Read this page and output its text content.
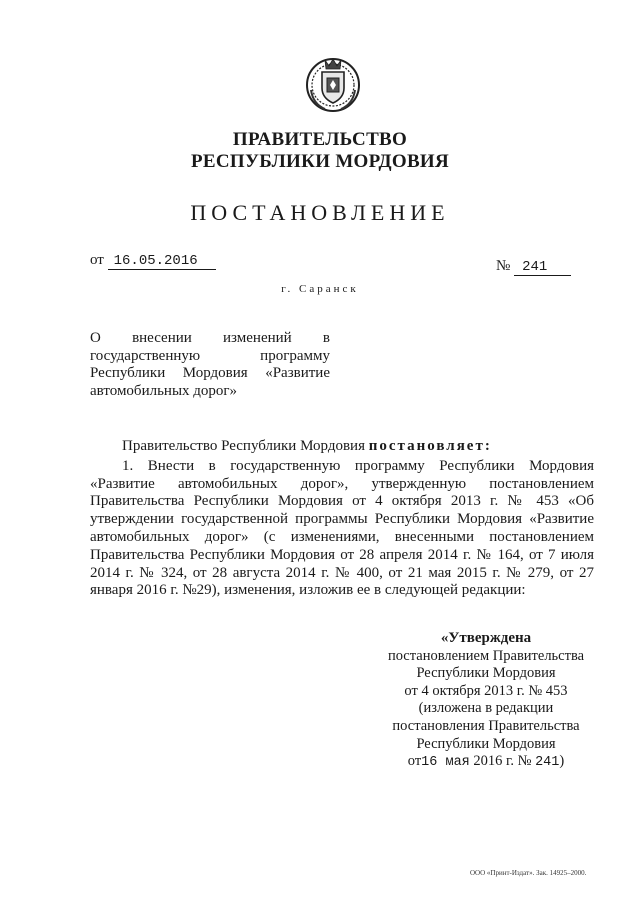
ПРАВИТЕЛЬСТВО
РЕСПУБЛИКИ МОРДОВИЯ
ПОСТАНОВЛЕНИЕ
от 16.05.2016	№ 241
г. Саранск
О внесении изменений в государственную программу Республики Мордовия «Развитие автомобильных дорог»

Правительство Республики Мордовия постановляет:

1. Внести в государственную программу Республики Мордовия «Развитие автомобильных дорог», утвержденную постановлением Правительства Республики Мордовия от 4 октября 2013 г. № 453 «Об утверждении государственной программы Республики Мордовия «Развитие автомобильных дорог» (с изменениями, внесенными постановлением Правительства Республики Мордовия от 28 апреля 2014 г. № 164, от 7 июля 2014 г. № 324, от 28 августа 2014 г. № 400, от 21 мая 2015 г. № 279, от 27 января 2016 г. №29), изменения, изложив ее в следующей редакции:

«Утверждена
постановлением Правительства
Республики Мордовия
от 4 октября 2013 г. № 453
(изложена в редакции
постановления Правительства
Республики Мордовия
от16 мая 2016 г. № 241)
ООО «Принт-Издат». Зак. 14925–2000.
